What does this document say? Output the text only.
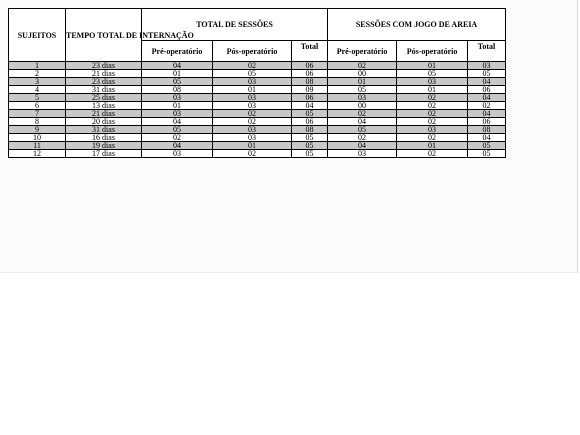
SUJEITOS	TEMPO TOTAL DE INTERNAÇÃO	TOTAL DE SESSÕES			SESSÕES COM JOGO DE AREIA		
		Pré-operatório	Pós-operatório	Total	Pré-operatório	Pós-operatório	Total
1	23 dias	04	02	06	02	01	03
2	21 dias	01	05	06	00	05	05
3	23 dias	05	03	08	01	03	04
4	31 dias	08	01	09	05	01	06
5	25 dias	03	03	06	03	02	04
6	13 dias	01	03	04	00	02	02
7	21 dias	03	02	05	02	02	04
8	20 dias	04	02	06	04	02	06
9	31 dias	05	03	08	05	03	08
10	16 dias	02	03	05	02	02	04
11	19 dias	04	01	05	04	01	05
12	17 dias	03	02	05	03	02	05
